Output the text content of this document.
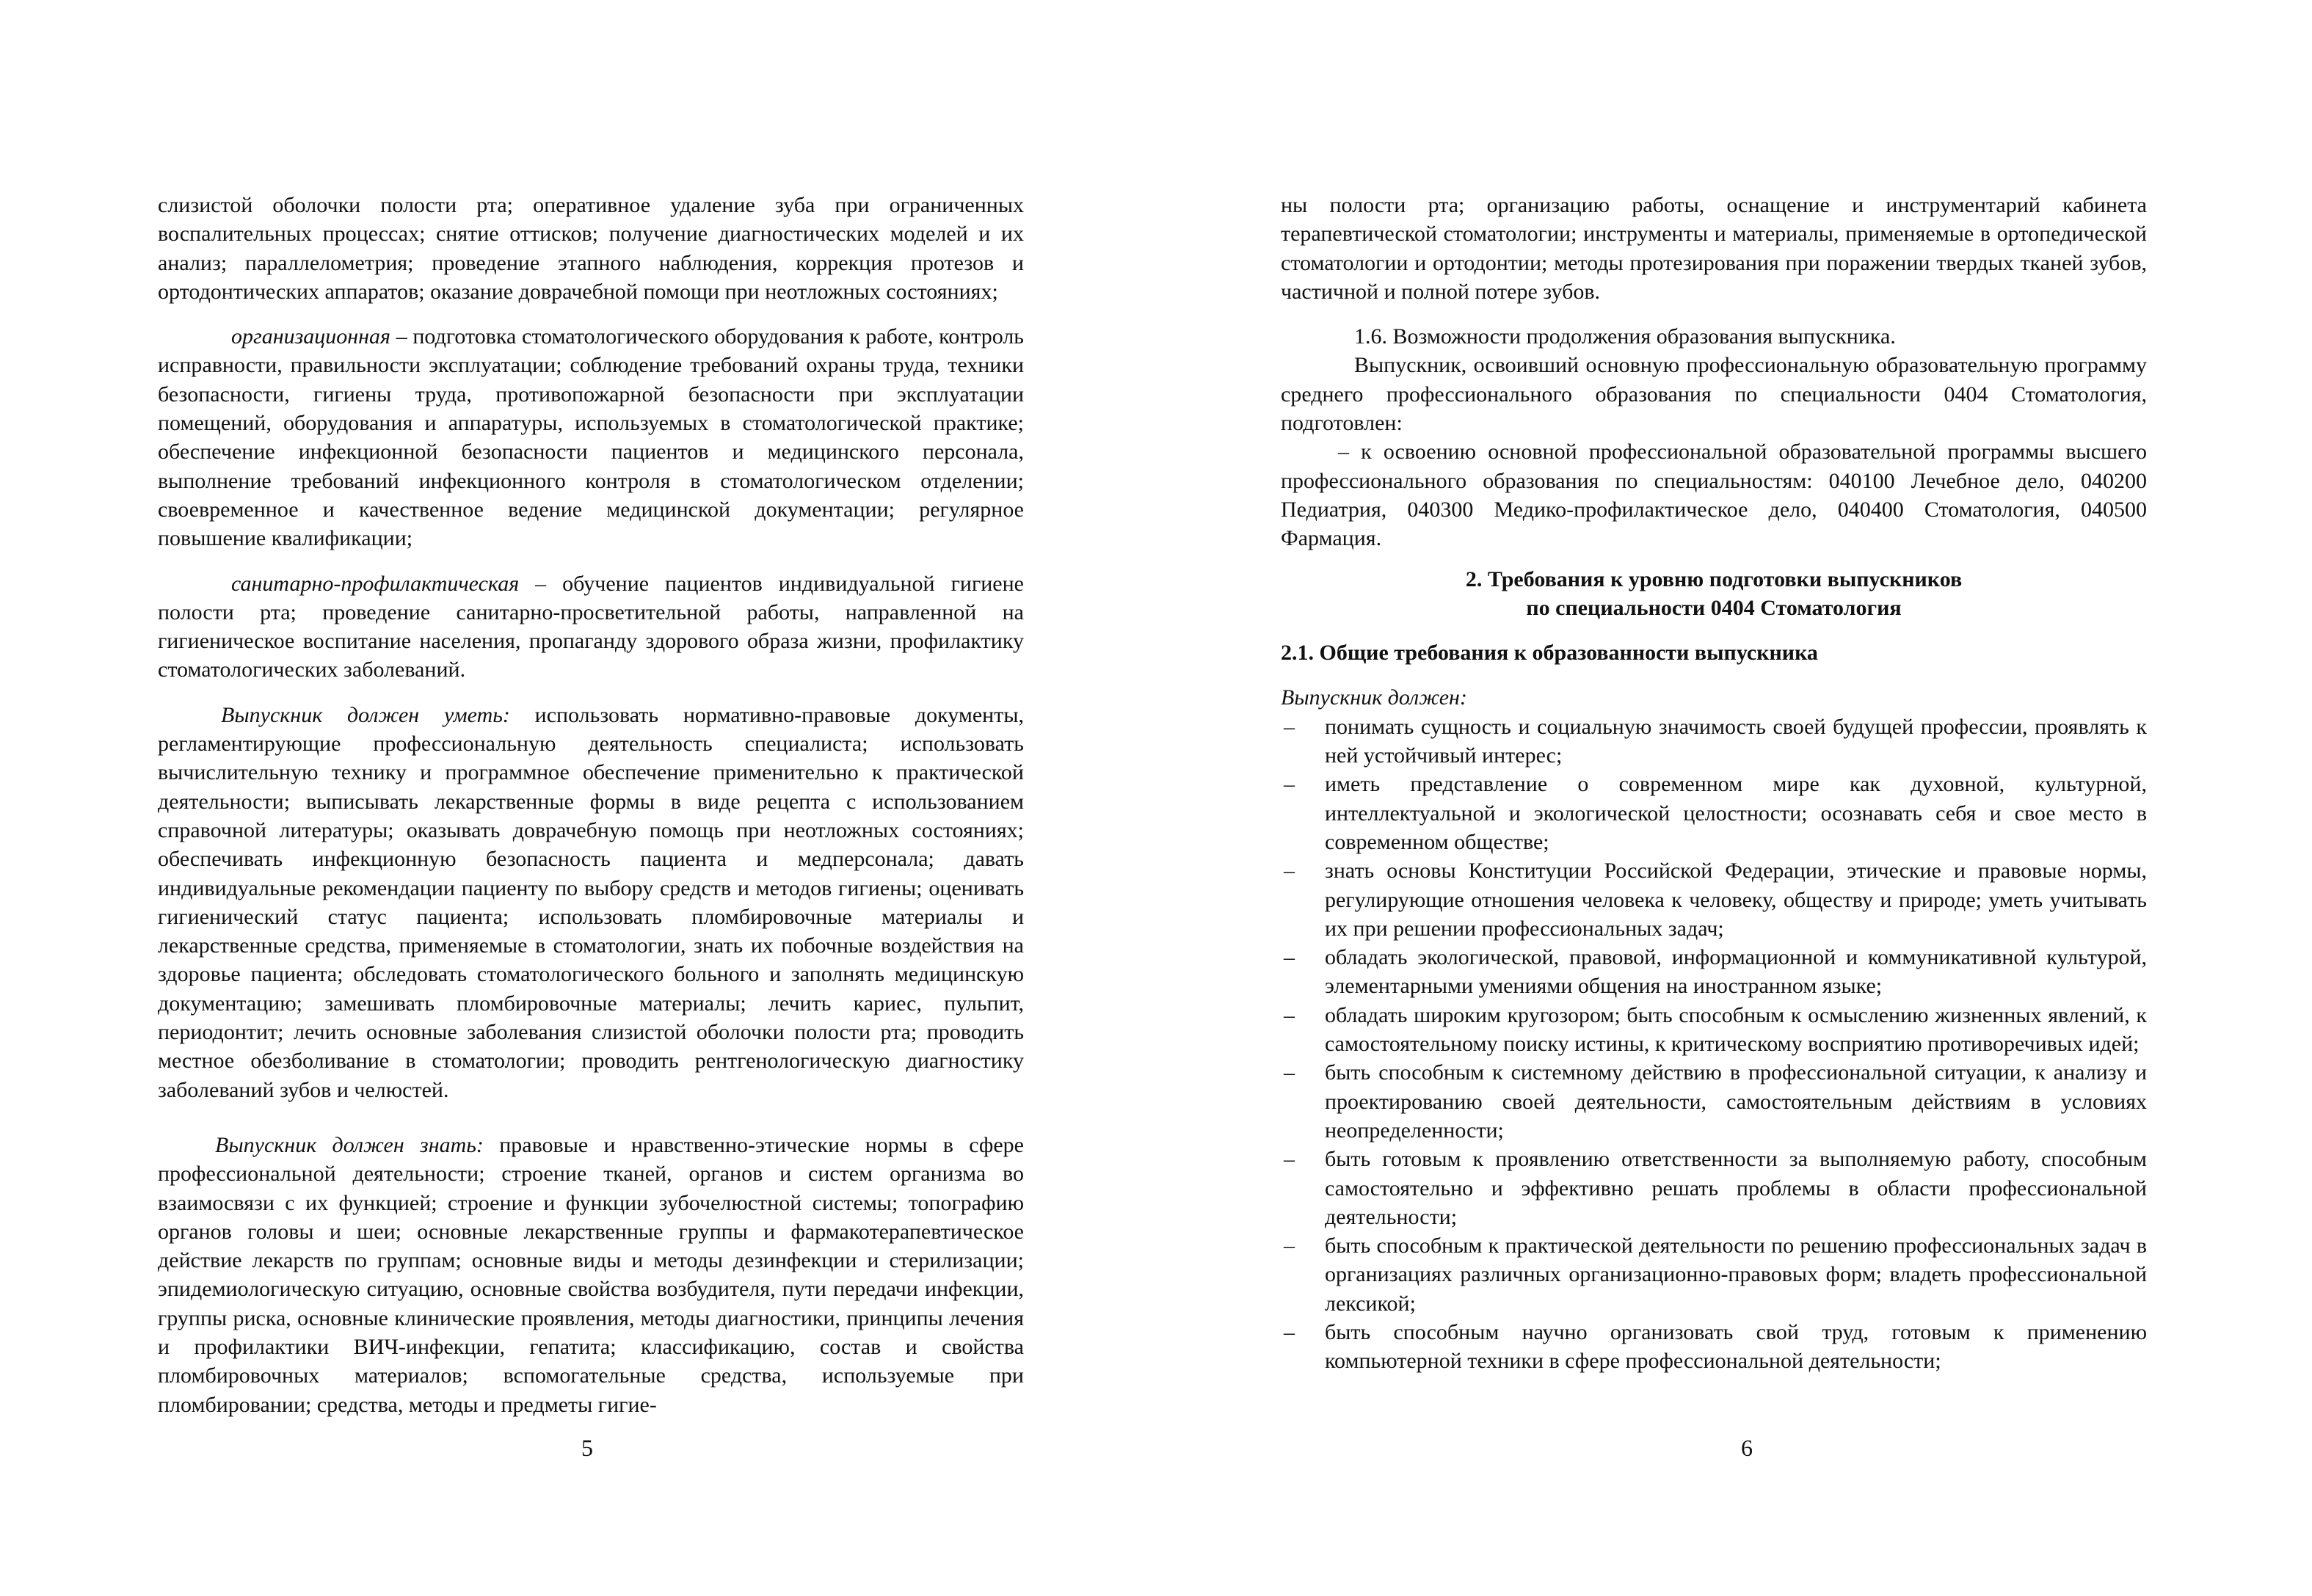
слизистой оболочки полости рта; оперативное удаление зуба при ограниченных воспалительных процессах; снятие оттисков; получение диагностических моделей и их анализ; параллелометрия; проведение этапного наблюдения, коррекция протезов и ортодонтических аппаратов; оказание доврачебной помощи при неотложных состояниях;

организационная – подготовка стоматологического оборудования к работе, контроль исправности, правильности эксплуатации; соблюдение требований охраны труда, техники безопасности, гигиены труда, противопожарной безопасности при эксплуатации помещений, оборудования и аппаратуры, используемых в стоматологической практике; обеспечение инфекционной безопасности пациентов и медицинского персонала, выполнение требований инфекционного контроля в стоматологическом отделении; своевременное и качественное ведение медицинской документации; регулярное повышение квалификации;

санитарно-профилактическая – обучение пациентов индивидуальной гигиене полости рта; проведение санитарно-просветительной работы, направленной на гигиеническое воспитание населения, пропаганду здорового образа жизни, профилактику стоматологических заболеваний.

Выпускник должен уметь: использовать нормативно-правовые документы, регламентирующие профессиональную деятельность специалиста; использовать вычислительную технику и программное обеспечение применительно к практической деятельности; выписывать лекарственные формы в виде рецепта с использованием справочной литературы; оказывать доврачебную помощь при неотложных состояниях; обеспечивать инфекционную безопасность пациента и медперсонала; давать индивидуальные рекомендации пациенту по выбору средств и методов гигиены; оценивать гигиенический статус пациента; использовать пломбировочные материалы и лекарственные средства, применяемые в стоматологии, знать их побочные воздействия на здоровье пациента; обследовать стоматологического больного и заполнять медицинскую документацию; замешивать пломбировочные материалы; лечить кариес, пульпит, периодонтит; лечить основные заболевания слизистой оболочки полости рта; проводить местное обезболивание в стоматологии; проводить рентгенологическую диагностику заболеваний зубов и челюстей.

Выпускник должен знать: правовые и нравственно-этические нормы в сфере профессиональной деятельности; строение тканей, органов и систем организма во взаимосвязи с их функцией; строение и функции зубочелюстной системы; топографию органов головы и шеи; основные лекарственные группы и фармакотерапевтическое действие лекарств по группам; основные виды и методы дезинфекции и стерилизации; эпидемиологическую ситуацию, основные свойства возбудителя, пути передачи инфекции, группы риска, основные клинические проявления, методы диагностики, принципы лечения и профилактики ВИЧ-инфекции, гепатита; классификацию, состав и свойства пломбировочных материалов; вспомогательные средства, используемые при пломбировании; средства, методы и предметы гигие-

5

ны полости рта; организацию работы, оснащение и инструментарий кабинета терапевтической стоматологии; инструменты и материалы, применяемые в ортопедической стоматологии и ортодонтии; методы протезирования при поражении твердых тканей зубов, частичной и полной потере зубов.

1.6. Возможности продолжения образования выпускника.

Выпускник, освоивший основную профессиональную образовательную программу среднего профессионального образования по специальности 0404 Стоматология, подготовлен:

– к освоению основной профессиональной образовательной программы высшего профессионального образования по специальностям: 040100 Лечебное дело, 040200 Педиатрия, 040300 Медико-профилактическое дело, 040400 Стоматология, 040500 Фармация.

2. Требования к уровню подготовки выпускников

по специальности 0404 Стоматология

2.1. Общие требования к образованности выпускника

Выпускник должен:

– понимать сущность и социальную значимость своей будущей профессии, проявлять к ней устойчивый интерес;
– иметь представление о современном мире как духовной, культурной, интеллектуальной и экологической целостности; осознавать себя и свое место в современном обществе;
– знать основы Конституции Российской Федерации, этические и правовые нормы, регулирующие отношения человека к человеку, обществу и природе; уметь учитывать их при решении профессиональных задач;
– обладать экологической, правовой, информационной и коммуникативной культурой, элементарными умениями общения на иностранном языке;
– обладать широким кругозором; быть способным к осмыслению жизненных явлений, к самостоятельному поиску истины, к критическому восприятию противоречивых идей;
– быть способным к системному действию в профессиональной ситуации, к анализу и проектированию своей деятельности, самостоятельным действиям в условиях неопределенности;
– быть готовым к проявлению ответственности за выполняемую работу, способным самостоятельно и эффективно решать проблемы в области профессиональной деятельности;
– быть способным к практической деятельности по решению профессиональных задач в организациях различных организационно-правовых форм; владеть профессиональной лексикой;
– быть способным научно организовать свой труд, готовым к применению компьютерной техники в сфере профессиональной деятельности;
6
